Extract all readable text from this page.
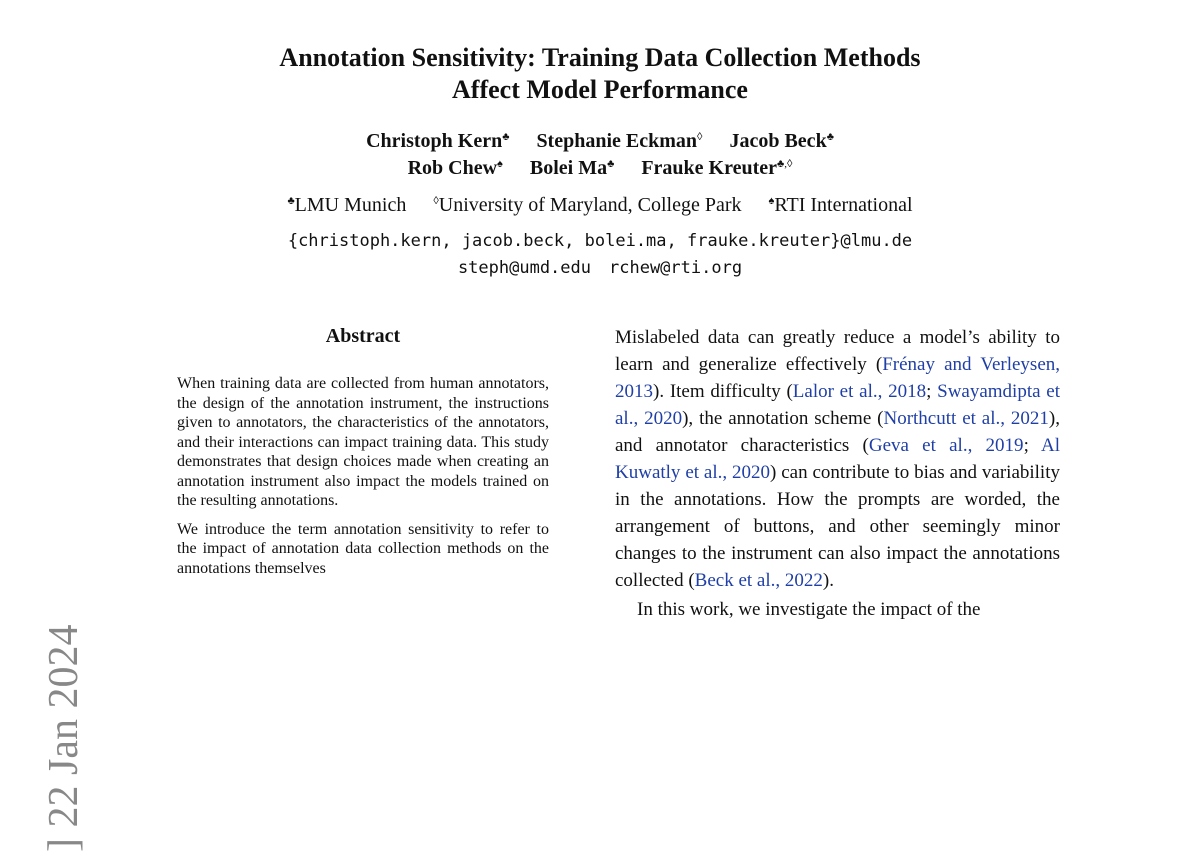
Annotation Sensitivity: Training Data Collection Methods
Affect Model Performance
Christoph Kern♣ Stephanie Eckman◊ Jacob Beck♣
Rob Chew♠ Bolei Ma♣ Frauke Kreuter♣,◊
♣LMU Munich ◊University of Maryland, College Park ♠RTI International
{christoph.kern, jacob.beck, bolei.ma, frauke.kreuter}@lmu.de
steph@umd.edu rchew@rti.org
Abstract

When training data are collected from human annotators, the design of the annotation instrument, the instructions given to annotators, the characteristics of the annotators, and their interactions can impact training data. This study demonstrates that design choices made when creating an annotation instrument also impact the models trained on the resulting annotations.

We introduce the term annotation sensitivity to refer to the impact of annotation data collection methods on the annotations themselves

Mislabeled data can greatly reduce a model’s ability to learn and generalize effectively (Frénay and Verleysen, 2013). Item difficulty (Lalor et al., 2018; Swayamdipta et al., 2020), the annotation scheme (Northcutt et al., 2021), and annotator characteristics (Geva et al., 2019; Al Kuwatly et al., 2020) can contribute to bias and variability in the annotations. How the prompts are worded, the arrangement of buttons, and other seemingly minor changes to the instrument can also impact the annotations collected (Beck et al., 2022).

In this work, we investigate the impact of the

] 22 Jan 2024
